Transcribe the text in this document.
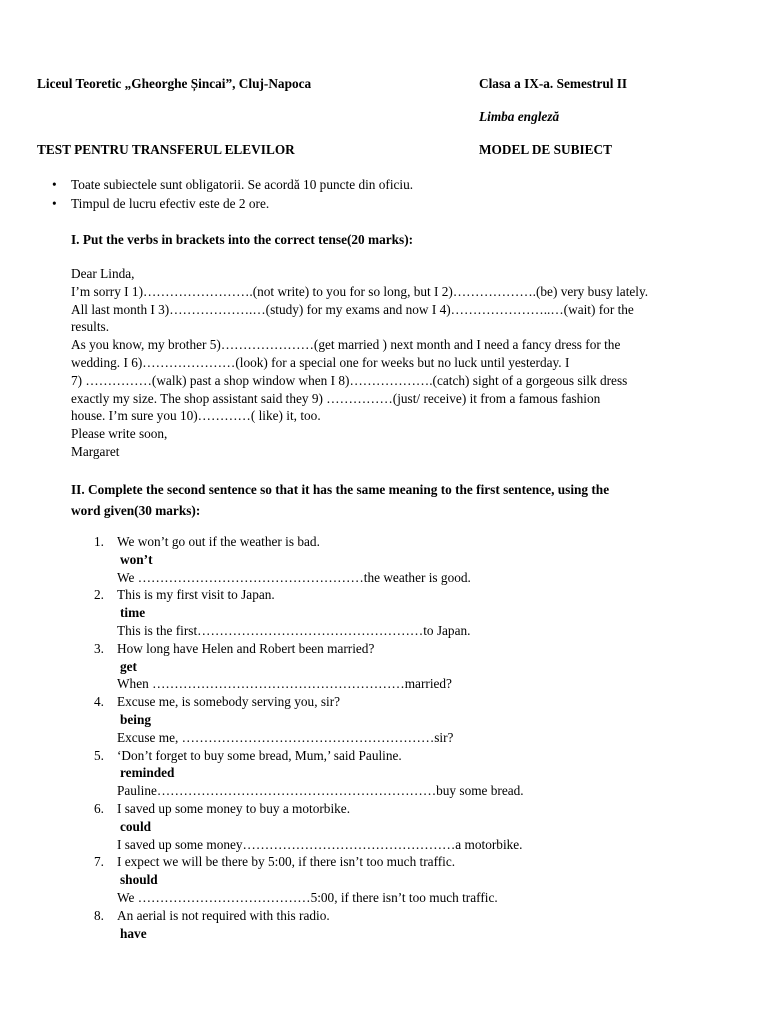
Liceul Teoretic „Gheorghe Șincai”, Cluj-Napoca	Clasa a IX-a. Semestrul II
Limba engleză
TEST PENTRU TRANSFERUL ELEVILOR	MODEL DE SUBIECT
• Toate subiectele sunt obligatorii. Se acordă 10 puncte din oficiu.
• Timpul de lucru efectiv este de 2 ore.
I. Put the verbs in brackets into the correct tense(20 marks):
Dear Linda,
I’m sorry I 1)…………………….(not write) to you for so long, but I 2)……………….(be) very busy lately.
All last month I 3)……………….…(study) for my exams and now I 4)…………………..…(wait) for the
results.
As you know, my brother 5)…………………(get married ) next month and I need a fancy dress for the
wedding. I 6)…………………(look) for a special one for weeks but no luck until yesterday. I
7) ……………(walk) past a shop window when I 8)……………….(catch) sight of a gorgeous silk dress
exactly my size. The shop assistant said they 9) ……………(just/ receive) it from a famous fashion
house. I’m sure you 10)…………( like) it, too.
Please write soon,
Margaret
II. Complete the second sentence so that it has the same meaning to the first sentence, using the
word given(30 marks):
1. We won’t go out if the weather is bad.
won’t
We ……………………………………………the weather is good.
2. This is my first visit to Japan.
time
This is the first……………………………………………to Japan.
3. How long have Helen and Robert been married?
get
When …………………………………………………married?
4. Excuse me, is somebody serving you, sir?
being
Excuse me, …………………………………………………sir?
5. ‘Don’t forget to buy some bread, Mum,’ said Pauline.
reminded
Pauline………………………………………………………buy some bread.
6. I saved up some money to buy a motorbike.
could
I saved up some money…………………………………………a motorbike.
7. I expect we will be there by 5:00, if there isn’t too much traffic.
should
We …………………………………5:00, if there isn’t too much traffic.
8. An aerial is not required with this radio.
have
